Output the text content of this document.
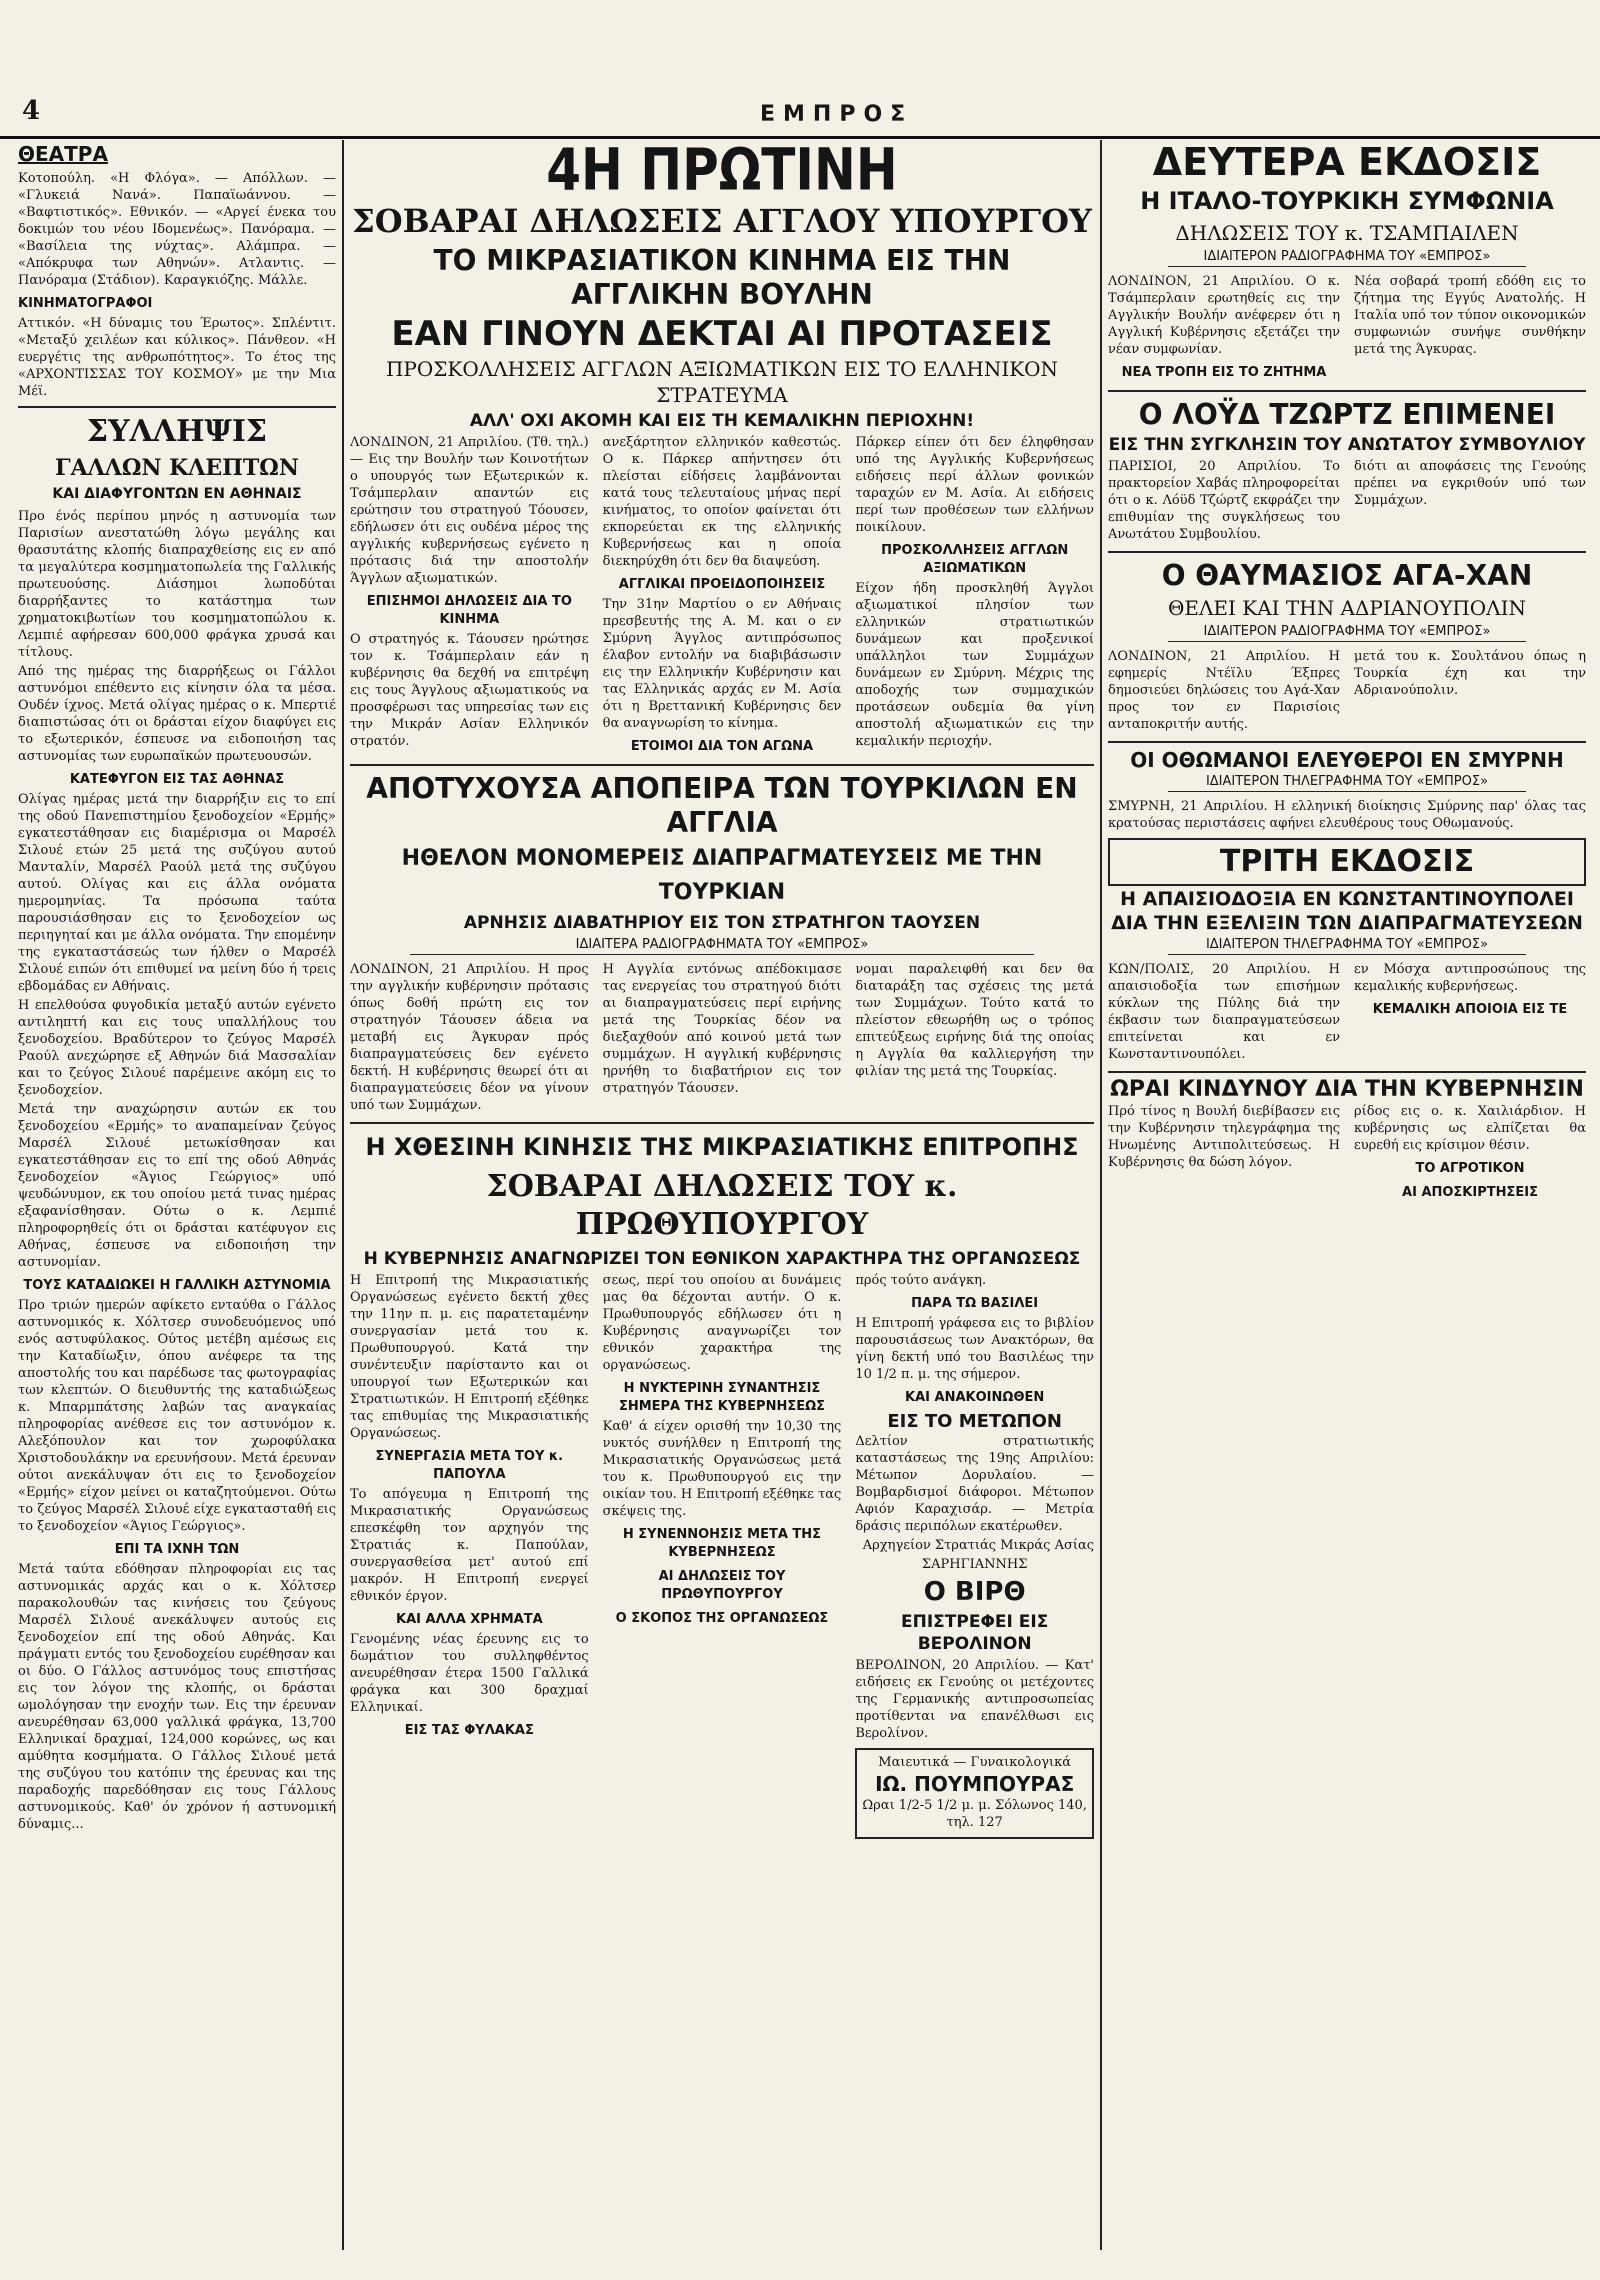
4	ΕΜΠΡΟΣ
ΘΕΑΤΡΑ

Κοτοπούλη. «Η Φλόγα». — Απόλλων. — «Γλυκειά Νανά». Παπαϊωάννου. — «Βαφτιστικός». Εθνικόν. — «Αργεί ένεκα του δοκιμών του νέου Ιδομενέως». Πανόραμα. — «Βασίλεια της νύχτας». Αλάμπρα. — «Απόκρυφα των Αθηνών». Ατλαντις. — Πανόραμα (Στάδιον). Καραγκιόζης. Μάλλε.

ΚΙΝΗΜΑΤΟΓΡΑΦΟΙ

Αττικόν. «Η δύναμις του Έρωτος». Σπλέντιτ. «Μεταξύ χειλέων και κύλικος». Πάνθεον. «Η ευεργέτις της ανθρωπότητος». Το έτος της «ΑΡΧΟΝΤΙΣΣΑΣ ΤΟΥ ΚΟΣΜΟΥ» με την Μια Μέϊ.

ΣΥΛΛΗΨΙΣ
ΓΑΛΛΩΝ ΚΛΕΠΤΩΝ
ΚΑΙ ΔΙΑΦΥΓΟΝΤΩΝ ΕΝ ΑΘΗΝΑΙΣ

Προ ένός περίπου μηνός η αστυνομία των Παρισίων ανεστατώθη λόγω μεγάλης και θρασυτάτης κλοπής διαπραχθείσης εις εν από τα μεγαλύτερα κοσμηματοπωλεία της Γαλλικής πρωτευούσης. Διάσημοι λωποδύται διαρρήξαντες το κατάστημα των χρηματοκιβωτίων του κοσμηματοπώλου κ. Λεμπιέ αφήρεσαν 600,000 φράγκα χρυσά και τίτλους.

Από της ημέρας της διαρρήξεως οι Γάλλοι αστυνόμοι επέθεντο εις κίνησιν όλα τα μέσα. Ουδέν ίχνος. Μετά ολίγας ημέρας ο κ. Μπερτιέ διαπιστώσας ότι οι δράσται είχον διαφύγει εις το εξωτερικόν, έσπευσε να ειδοποιήση τας αστυνομίας των ευρωπαϊκών πρωτευουσών.

ΚΑΤΕΦΥΓΟΝ ΕΙΣ ΤΑΣ ΑΘΗΝΑΣ

Ολίγας ημέρας μετά την διαρρήξιν εις το επί της οδού Πανεπιστημίου ξενοδοχείον «Ερμής» εγκατεστάθησαν εις διαμέρισμα οι Μαρσέλ Σιλουέ ετών 25 μετά της συζύγου αυτού Μανταλίν, Μαρσέλ Ραούλ μετά της συζύγου αυτού. Ολίγας και εις άλλα ονόματα ημερομηνίας. Τα πρόσωπα ταύτα παρουσιάσθησαν εις το ξενοδοχείον ως περιηγηταί και με άλλα ονόματα. Την επομένην της εγκαταστάσεώς των ήλθεν ο Μαρσέλ Σιλουέ ειπών ότι επιθυμεί να μείνη δύο ή τρεις εβδομάδας εν Αθήναις.

Η επελθούσα φυγοδικία μεταξύ αυτών εγένετο αντιληπτή και εις τους υπαλλήλους του ξενοδοχείου. Βραδύτερον το ζεύγος Μαρσέλ Ραούλ ανεχώρησε εξ Αθηνών διά Μασσαλίαν και το ζεύγος Σιλουέ παρέμεινε ακόμη εις το ξενοδοχείον.

Μετά την αναχώρησιν αυτών εκ του ξενοδοχείου «Ερμής» το αναπαμείναν ζεύγος Μαρσέλ Σιλουέ μετωκίσθησαν και εγκατεστάθησαν εις το επί της οδού Αθηνάς ξενοδοχείον «Άγιος Γεώργιος» υπό ψευδώνυμον, εκ του οποίου μετά τινας ημέρας εξαφανίσθησαν. Ούτω ο κ. Λεμπιέ πληροφορηθείς ότι οι δράσται κατέφυγον εις Αθήνας, έσπευσε να ειδοποιήση την αστυνομίαν.

ΤΟΥΣ ΚΑΤΑΔΙΩΚΕΙ Η ΓΑΛΛΙΚΗ ΑΣΤΥΝΟΜΙΑ

Προ τριών ημερών αφίκετο ενταύθα ο Γάλλος αστυνομικός κ. Χόλτσερ συνοδευόμενος υπό ενός αστυφύλακος. Ούτος μετέβη αμέσως εις την Καταδίωξιν, όπου ανέφερε τα της αποστολής του και παρέδωσε τας φωτογραφίας των κλεπτών. Ο διευθυντής της καταδιώξεως κ. Μπαρμπάτσης λαβών τας αναγκαίας πληροφορίας ανέθεσε εις τον αστυνόμον κ. Αλεξόπουλον και τον χωροφύλακα Χριστοδουλάκην να ερευνήσουν. Μετά έρευναν ούτοι ανεκάλυψαν ότι εις το ξενοδοχείον «Ερμής» είχον μείνει οι καταζητούμενοι. Ούτω το ζεύγος Μαρσέλ Σιλουέ είχε εγκατασταθή εις το ξενοδοχείον «Άγιος Γεώργιος».

ΕΠΙ ΤΑ ΙΧΝΗ ΤΩΝ

Μετά ταύτα εδόθησαν πληροφορίαι εις τας αστυνομικάς αρχάς και ο κ. Χόλτσερ παρακολουθών τας κινήσεις του ζεύγους Μαρσέλ Σιλουέ ανεκάλυψεν αυτούς εις ξενοδοχείον επί της οδού Αθηνάς. Και πράγματι εντός του ξενοδοχείου ευρέθησαν και οι δύο. Ο Γάλλος αστυνόμος τους επιστήσας εις τον λόγον της κλοπής, οι δράσται ωμολόγησαν την ενοχήν των. Εις την έρευναν ανευρέθησαν 63,000 γαλλικά φράγκα, 13,700 Ελληνικαί δραχμαί, 124,000 κορώνες, ως και αμύθητα κοσμήματα. Ο Γάλλος Σιλουέ μετά της συζύγου του κατόπιν της έρευνας και της παραδοχής παρεδόθησαν εις τους Γάλλους αστυνομικούς. Καθ' όν χρόνον ή αστυνομική δύναμις...

4Η ΠΡΩΤΙΝΗ
ΣΟΒΑΡΑΙ ΔΗΛΩΣΕΙΣ ΑΓΓΛΟΥ ΥΠΟΥΡΓΟΥ
ΤΟ ΜΙΚΡΑΣΙΑΤΙΚΟΝ ΚΙΝΗΜΑ ΕΙΣ ΤΗΝ ΑΓΓΛΙΚΗΝ ΒΟΥΛΗΝ
ΕΑΝ ΓΙΝΟΥΝ ΔΕΚΤΑΙ ΑΙ ΠΡΟΤΑΣΕΙΣ
ΠΡΟΣΚΟΛΛΗΣΕΙΣ ΑΓΓΛΩΝ ΑΞΙΩΜΑΤΙΚΩΝ ΕΙΣ ΤΟ ΕΛΛΗΝΙΚΟΝ ΣΤΡΑΤΕΥΜΑ
ΑΛΛ' ΟΧΙ ΑΚΟΜΗ ΚΑΙ ΕΙΣ ΤΗ ΚΕΜΑΛΙΚΗΝ ΠΕΡΙΟΧΗΝ!

ΛΟΝΔΙΝΟΝ, 21 Απριλίου. (Τθ. τηλ.) — Εις την Βουλήν των Κοινοτήτων ο υπουργός των Εξωτερικών κ. Τσάμπερλαιν απαντών εις ερώτησιν του στρατηγού Τόουσεν, εδήλωσεν ότι εις ουδένα μέρος της αγγλικής κυβερνήσεως εγένετο η πρότασις διά την αποστολήν Άγγλων αξιωματικών.

ΕΠΙΣΗΜΟΙ ΔΗΛΩΣΕΙΣ ΔΙΑ ΤΟ ΚΙΝΗΜΑ

Ο στρατηγός κ. Τάουσεν ηρώτησε τον κ. Τσάμπερλαιν εάν η κυβέρνησις θα δεχθή να επιτρέψη εις τους Άγγλους αξιωματικούς να προσφέρωσι τας υπηρεσίας των εις την Μικράν Ασίαν Ελληνικόν στρατόν.

ανεξάρτητον ελληνικόν καθεστώς. Ο κ. Πάρκερ απήντησεν ότι πλείσται είδήσεις λαμβάνονται κατά τους τελευταίους μήνας περί κινήματος, το οποίον φαίνεται ότι εκπορεύεται εκ της ελληνικής Κυβερνήσεως και η οποία διεκηρύχθη ότι δεν θα διαψεύση.

ΑΓΓΛΙΚΑΙ ΠΡΟΕΙΔΟΠΟΙΗΣΕΙΣ

Την 31ην Μαρτίου ο εν Αθήναις πρεσβευτής της Α. Μ. και ο εν Σμύρνη Άγγλος αντιπρόσωπος έλαβον εντολήν να διαβιβάσωσιν εις την Ελληνικήν Κυβέρνησιν και τας Ελληνικάς αρχάς εν Μ. Ασία ότι η Βρεττανική Κυβέρνησις δεν θα αναγνωρίση το κίνημα.

ΕΤΟΙΜΟΙ ΔΙΑ ΤΟΝ ΑΓΩΝΑ

Πάρκερ είπεν ότι δεν έληφθησαν υπό της Αγγλικής Κυβερνήσεως ειδήσεις περί άλλων φονικών ταραχών εν Μ. Ασία. Αι ειδήσεις περί των προθέσεων των ελλήνων ποικίλουν.

ΠΡΟΣΚΟΛΛΗΣΕΙΣ ΑΓΓΛΩΝ ΑΞΙΩΜΑΤΙΚΩΝ

Είχον ήδη προσκληθή Άγγλοι αξιωματικοί πλησίον των ελληνικών στρατιωτικών δυνάμεων και προξενικοί υπάλληλοι των Συμμάχων δυνάμεων εν Σμύρνη. Μέχρις της αποδοχής των συμμαχικών προτάσεων ουδεμία θα γίνη αποστολή αξιωματικών εις την κεμαλικήν περιοχήν.

ΑΠΟΤΥΧΟΥΣΑ ΑΠΟΠΕΙΡΑ ΤΩΝ ΤΟΥΡΚΙΛΩΝ ΕΝ ΑΓΓΛΙΑ
ΗΘΕΛΟΝ ΜΟΝΟΜΕΡΕΙΣ ΔΙΑΠΡΑΓΜΑΤΕΥΣΕΙΣ ΜΕ ΤΗΝ ΤΟΥΡΚΙΑΝ
ΑΡΝΗΣΙΣ ΔΙΑΒΑΤΗΡΙΟΥ ΕΙΣ ΤΟΝ ΣΤΡΑΤΗΓΟΝ ΤΑΟΥΣΕΝ
ΙΔΙΑΙΤΕΡΑ ΡΑΔΙΟΓΡΑΦΗΜΑΤΑ ΤΟΥ «ΕΜΠΡΟΣ»

ΛΟΝΔΙΝΟΝ, 21 Απριλίου. Η προς την αγγλικήν κυβέρνησιν πρότασις όπως δοθή πρώτη εις τον στρατηγόν Τάουσεν άδεια να μεταβή εις Άγκυραν πρός διαπραγματεύσεις δεν εγένετο δεκτή. Η κυβέρνησις θεωρεί ότι αι διαπραγματεύσεις δέον να γίνουν υπό των Συμμάχων.

Η Αγγλία εντόνως απέδοκιμασε τας ενεργείας του στρατηγού διότι αι διαπραγματεύσεις περί ειρήνης μετά της Τουρκίας δέον να διεξαχθούν από κοινού μετά των συμμάχων. Η αγγλική κυβέρνησις ηρνήθη το διαβατήριον εις τον στρατηγόν Τάουσεν.

νομαι παραλειφθή και δεν θα διαταράξη τας σχέσεις της μετά των Συμμάχων. Τούτο κατά το πλείστον εθεωρήθη ως ο τρόπος επιτεύξεως ειρήνης διά της οποίας η Αγγλία θα καλλιεργήση την φιλίαν της μετά της Τουρκίας.

Η ΧΘΕΣΙΝΗ ΚΙΝΗΣΙΣ ΤΗΣ ΜΙΚΡΑΣΙΑΤΙΚΗΣ ΕΠΙΤΡΟΠΗΣ
ΣΟΒΑΡΑΙ ΔΗΛΩΣΕΙΣ ΤΟΥ κ. ΠΡΩΘΥΠΟΥΡΓΟΥ
Η ΚΥΒΕΡΝΗΣΙΣ ΑΝΑΓΝΩΡΙΖΕΙ ΤΟΝ ΕΘΝΙΚΟΝ ΧΑΡΑΚΤΗΡΑ ΤΗΣ ΟΡΓΑΝΩΣΕΩΣ

Η Επιτροπή της Μικρασιατικής Οργανώσεως εγένετο δεκτή χθες την 11ην π. μ. εις παρατεταμένην συνεργασίαν μετά του κ. Πρωθυπουργού. Κατά την συνέντευξιν παρίσταντο και οι υπουργοί των Εξωτερικών και Στρατιωτικών. Η Επιτροπή εξέθηκε τας επιθυμίας της Μικρασιατικής Οργανώσεως.

ΣΥΝΕΡΓΑΣΙΑ ΜΕΤΑ ΤΟΥ κ. ΠΑΠΟΥΛΑ

Το απόγευμα η Επιτροπή της Μικρασιατικής Οργανώσεως επεσκέφθη τον αρχηγόν της Στρατιάς κ. Παπούλαν, συνεργασθείσα μετ' αυτού επί μακρόν. Η Επιτροπή ενεργεί εθνικόν έργον.

ΚΑΙ ΑΛΛΑ ΧΡΗΜΑΤΑ

Γενομένης νέας έρευνης εις το δωμάτιον του συλληφθέντος ανευρέθησαν έτερα 1500 Γαλλικά φράγκα και 300 δραχμαί Ελληνικαί.

ΕΙΣ ΤΑΣ ΦΥΛΑΚΑΣ

σεως, περί του οποίου αι δυνάμεις μας θα δέχονται αυτήν. Ο κ. Πρωθυπουργός εδήλωσεν ότι η Κυβέρνησις αναγνωρίζει τον εθνικόν χαρακτήρα της οργανώσεως.

Η ΝΥΚΤΕΡΙΝΗ ΣΥΝΑΝΤΗΣΙΣ ΣΗΜΕΡΑ ΤΗΣ ΚΥΒΕΡΝΗΣΕΩΣ

Καθ' ά είχεν ορισθή την 10,30 της νυκτός συνήλθεν η Επιτροπή της Μικρασιατικής Οργανώσεως μετά του κ. Πρωθυπουργού εις την οικίαν του. Η Επιτροπή εξέθηκε τας σκέψεις της.

Η ΣΥΝΕΝΝΟΗΣΙΣ ΜΕΤΑ ΤΗΣ ΚΥΒΕΡΝΗΣΕΩΣ
ΑΙ ΔΗΛΩΣΕΙΣ ΤΟΥ ΠΡΩΘΥΠΟΥΡΓΟΥ
Ο ΣΚΟΠΟΣ ΤΗΣ ΟΡΓΑΝΩΣΕΩΣ

πρός τούτο ανάγκη.

ΠΑΡΑ ΤΩ ΒΑΣΙΛΕΙ

Η Επιτροπή γράφεσα εις το βιβλίον παρουσιάσεως των Ανακτόρων, θα γίνη δεκτή υπό του Βασιλέως την 10 1/2 π. μ. της σήμερον.

ΚΑΙ ΑΝΑΚΟΙΝΩΘΕΝ
ΕΙΣ ΤΟ ΜΕΤΩΠΟΝ

Δελτίον στρατιωτικής καταστάσεως της 19ης Απριλίου: Μέτωπον Δορυλαίου. — Βομβαρδισμοί διάφοροι. Μέτωπον Αφιόν Καραχισάρ. — Μετρία δράσις περιπόλων εκατέρωθεν.

Αρχηγείον Στρατιάς Μικράς Ασίας

ΣΑΡΗΓΙΑΝΝΗΣ

Ο ΒΙΡΘ
ΕΠΙΣΤΡΕΦΕΙ ΕΙΣ ΒΕΡΟΛΙΝΟΝ

ΒΕΡΟΛΙΝΟΝ, 20 Απριλίου. — Κατ' ειδήσεις εκ Γενούης οι μετέχοντες της Γερμανικής αντιπροσωπείας προτίθενται να επανέλθωσι εις Βερολίνον.

Μαιευτικά — Γυναικολογικά
ΙΩ. ΠΟΥΜΠΟΥΡΑΣ
Ωραι 1/2-5 1/2 μ. μ. Σόλωνος 140, τηλ. 127
ΔΕΥΤΕΡΑ ΕΚΔΟΣΙΣ
Η ΙΤΑΛΟ-ΤΟΥΡΚΙΚΗ ΣΥΜΦΩΝΙΑ
ΔΗΛΩΣΕΙΣ ΤΟΥ κ. ΤΣΑΜΠΑΙΛΕΝ
ΙΔΙΑΙΤΕΡΟΝ ΡΑΔΙΟΓΡΑΦΗΜΑ ΤΟΥ «ΕΜΠΡΟΣ»

ΛΟΝΔΙΝΟΝ, 21 Απριλίου. Ο κ. Τσάμπερλαιν ερωτηθείς εις την Αγγλικήν Βουλήν ανέφερεν ότι η Αγγλική Κυβέρνησις εξετάζει την νέαν συμφωνίαν.

ΝΕΑ ΤΡΟΠΗ ΕΙΣ ΤΟ ΖΗΤΗΜΑ

Νέα σοβαρά τροπή εδόθη εις το ζήτημα της Εγγύς Ανατολής. Η Ιταλία υπό τον τύπον οικονομικών συμφωνιών συνήψε συνθήκην μετά της Άγκυρας.

Ο ΛΟΫΔ ΤΖΩΡΤΖ ΕΠΙΜΕΝΕΙ
ΕΙΣ ΤΗΝ ΣΥΓΚΛΗΣΙΝ ΤΟΥ ΑΝΩΤΑΤΟΥ ΣΥΜΒΟΥΛΙΟΥ

ΠΑΡΙΣΙΟΙ, 20 Απριλίου. Το πρακτορείον Χαβάς πληροφορείται ότι ο κ. Λόϋδ Τζώρτζ εκφράζει την επιθυμίαν της συγκλήσεως του Ανωτάτου Συμβουλίου.

διότι αι αποφάσεις της Γενούης πρέπει να εγκριθούν υπό των Συμμάχων.

Ο ΘΑΥΜΑΣΙΟΣ ΑΓΑ-ΧΑΝ
ΘΕΛΕΙ ΚΑΙ ΤΗΝ ΑΔΡΙΑΝΟΥΠΟΛΙΝ
ΙΔΙΑΙΤΕΡΟΝ ΡΑΔΙΟΓΡΑΦΗΜΑ ΤΟΥ «ΕΜΠΡΟΣ»

ΛΟΝΔΙΝΟΝ, 21 Απριλίου. Η εφημερίς Ντέϊλυ Έξπρες δημοσιεύει δηλώσεις του Αγά-Χαν προς τον εν Παρισίοις ανταποκριτήν αυτής.

μετά του κ. Σουλτάνου όπως η Τουρκία έχη και την Αδριανούπολιν.

ΟΙ ΟΘΩΜΑΝΟΙ ΕΛΕΥΘΕΡΟΙ ΕΝ ΣΜΥΡΝΗ
ΙΔΙΑΙΤΕΡΟΝ ΤΗΛΕΓΡΑΦΗΜΑ ΤΟΥ «ΕΜΠΡΟΣ»

ΣΜΥΡΝΗ, 21 Απριλίου. Η ελληνική διοίκησις Σμύρνης παρ' όλας τας κρατούσας περιστάσεις αφήνει ελευθέρους τους Οθωμανούς.

ΤΡΙΤΗ ΕΚΔΟΣΙΣ
Η ΑΠΑΙΣΙΟΔΟΞΙΑ ΕΝ ΚΩΝΣΤΑΝΤΙΝΟΥΠΟΛΕΙ
ΔΙΑ ΤΗΝ ΕΞΕΛΙΞΙΝ ΤΩΝ ΔΙΑΠΡΑΓΜΑΤΕΥΣΕΩΝ
ΙΔΙΑΙΤΕΡΟΝ ΤΗΛΕΓΡΑΦΗΜΑ ΤΟΥ «ΕΜΠΡΟΣ»

ΚΩΝ/ΠΟΛΙΣ, 20 Απριλίου. Η απαισιοδοξία των επισήμων κύκλων της Πύλης διά την έκβασιν των διαπραγματεύσεων επιτείνεται και εν Κωνσταντινουπόλει.

εν Μόσχα αντιπροσώπους της κεμαλικής κυβερνήσεως.

ΚΕΜΑΛΙΚΗ ΑΠΟΙΟΙΑ ΕΙΣ ΤΕ
ΩΡΑΙ ΚΙΝΔΥΝΟΥ ΔΙΑ ΤΗΝ ΚΥΒΕΡΝΗΣΙΝ

Πρό τίνος η Βουλή διεβίβασεν εις την Κυβέρνησιν τηλεγράφημα της Ηνωμένης Αντιπολιτεύσεως. Η Κυβέρνησις θα δώση λόγον.

ρίδος εις ο. κ. Χαιλιάρδιον. Η κυβέρνησις ως ελπίζεται θα ευρεθή εις κρίσιμον θέσιν.

ΤΟ ΑΓΡΟΤΙΚΟΝ
ΑΙ ΑΠΟΣΚΙΡΤΗΣΕΙΣ
